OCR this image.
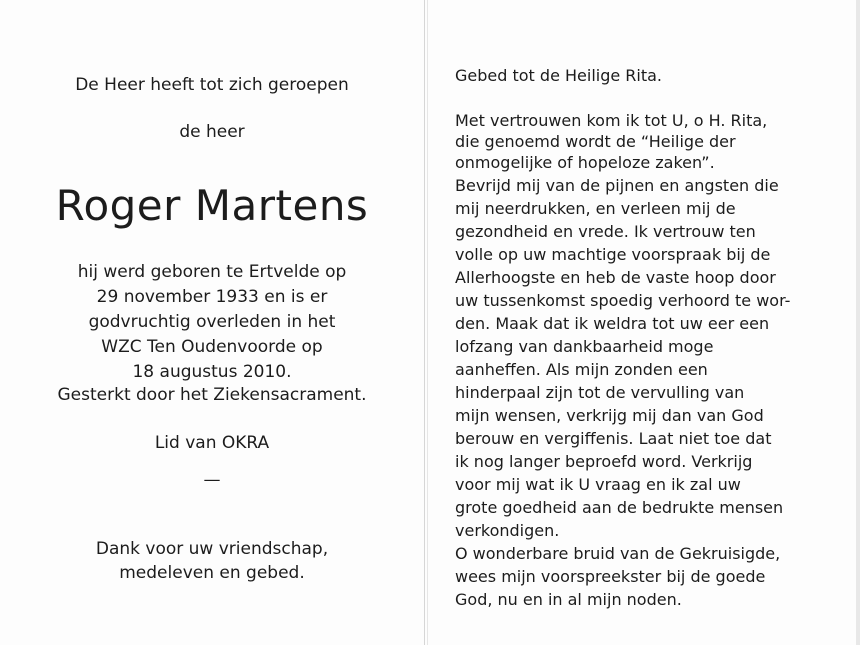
De Heer heeft tot zich geroepen
de heer
Roger Martens
hij werd geboren te Ertvelde op
29 november 1933 en is er
godvruchtig overleden in het
WZC Ten Oudenvoorde op
18 augustus 2010.
Gesterkt door het Ziekensacrament.
Lid van OKRA
—
Dank voor uw vriendschap,
medeleven en gebed.
Gebed tot de Heilige Rita.
Met vertrouwen kom ik tot U, o H. Rita,
die genoemd wordt de “Heilige der
onmogelijke of hopeloze zaken”.
Bevrijd mij van de pijnen en angsten die
mij neerdrukken, en verleen mij de
gezondheid en vrede. Ik vertrouw ten
volle op uw machtige voorspraak bij de
Allerhoogste en heb de vaste hoop door
uw tussenkomst spoedig verhoord te wor-
den. Maak dat ik weldra tot uw eer een
lofzang van dankbaarheid moge
aanheffen. Als mijn zonden een
hinderpaal zijn tot de vervulling van
mijn wensen, verkrijg mij dan van God
berouw en vergiffenis. Laat niet toe dat
ik nog langer beproefd word. Verkrijg
voor mij wat ik U vraag en ik zal uw
grote goedheid aan de bedrukte mensen
verkondigen.
O wonderbare bruid van de Gekruisigde,
wees mijn voorspreekster bij de goede
God, nu en in al mijn noden.
